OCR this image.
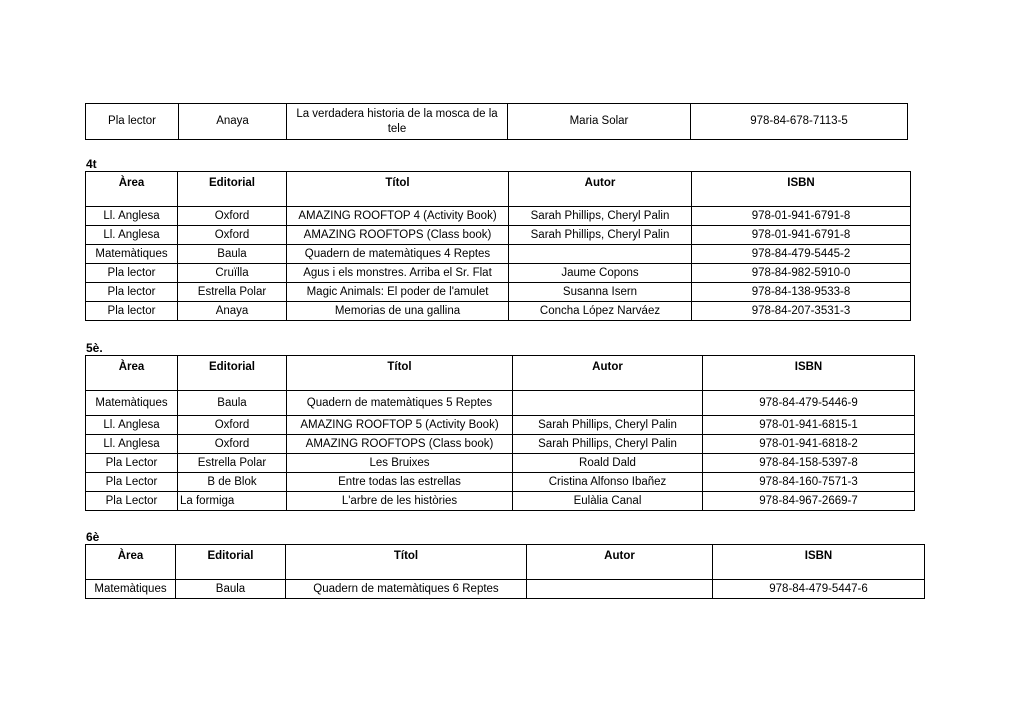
Pla lector	Anaya	La verdadera historia de la mosca de la tele	Maria Solar	978-84-678-7113-5
4t
Àrea	Editorial	Títol	Autor	ISBN
Ll. Anglesa	Oxford	AMAZING ROOFTOP 4 (Activity Book)	Sarah Phillips, Cheryl Palin	978-01-941-6791-8
Ll. Anglesa	Oxford	AMAZING ROOFTOPS (Class book)	Sarah Phillips, Cheryl Palin	978-01-941-6791-8
Matemàtiques	Baula	Quadern de matemàtiques 4 Reptes		978-84-479-5445-2
Pla lector	Cruïlla	Agus i els monstres. Arriba el Sr. Flat	Jaume Copons	978-84-982-5910-0
Pla lector	Estrella Polar	Magic Animals: El poder de l'amulet	Susanna Isern	978-84-138-9533-8
Pla lector	Anaya	Memorias de una gallina	Concha López Narváez	978-84-207-3531-3
5è.
Àrea	Editorial	Títol	Autor	ISBN
Matemàtiques	Baula	Quadern de matemàtiques 5 Reptes		978-84-479-5446-9
Ll. Anglesa	Oxford	AMAZING ROOFTOP 5 (Activity Book)	Sarah Phillips, Cheryl Palin	978-01-941-6815-1
Ll. Anglesa	Oxford	AMAZING ROOFTOPS (Class book)	Sarah Phillips, Cheryl Palin	978-01-941-6818-2
Pla Lector	Estrella Polar	Les Bruixes	Roald Dald	978-84-158-5397-8
Pla Lector	B de Blok	Entre todas las estrellas	Cristina Alfonso Ibañez	978-84-160-7571-3
Pla Lector	La formiga	L'arbre de les històries	Eulàlia Canal	978-84-967-2669-7
6è
Àrea	Editorial	Títol	Autor	ISBN
Matemàtiques	Baula	Quadern de matemàtiques 6 Reptes		978-84-479-5447-6
